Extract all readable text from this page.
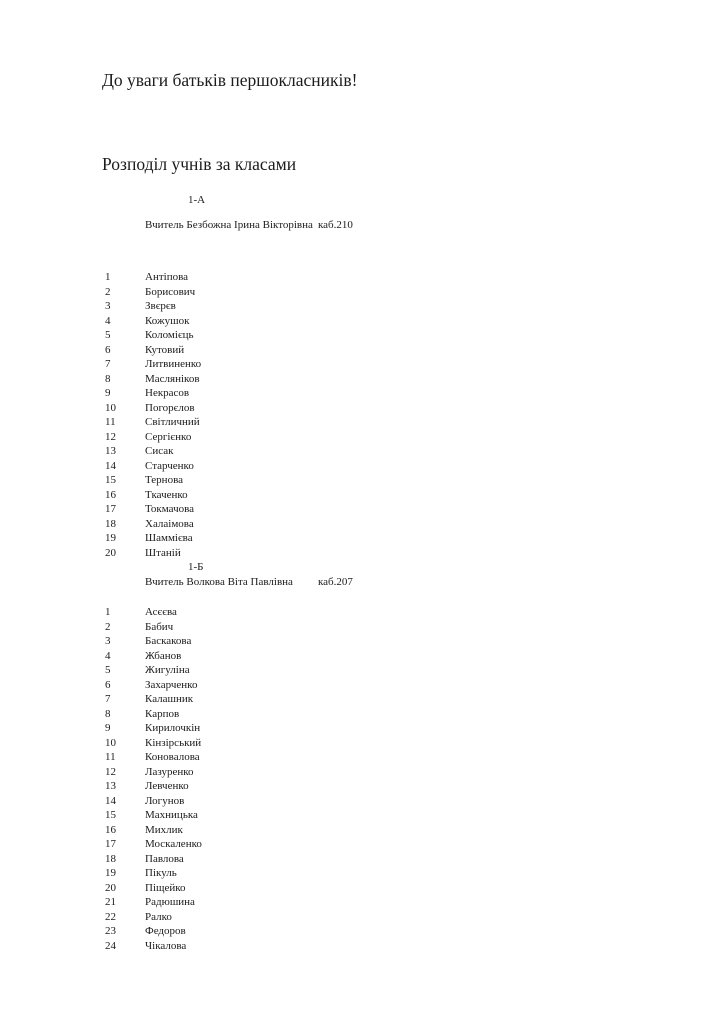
До уваги батьків першокласників!
Розподіл учнів за класами
1-А
Вчитель Безбожна Ірина Вікторівна каб.210
1	Антіпова
2	Борисович
3	Звєрєв
4	Кожушок
5	Коломієць
6	Кутовий
7	Литвиненко
8	Масляніков
9	Некрасов
10	Погорєлов
11	Світличний
12	Сергієнко
13	Сисак
14	Старченко
15	Тернова
16	Ткаченко
17	Токмачова
18	Халаімова
19	Шаммієва
20	Штаній
1-Б
Вчитель Волкова Віта Павлівна каб.207
1	Асєєва
2	Бабич
3	Баскакова
4	Жбанов
5	Жигуліна
6	Захарченко
7	Калашник
8	Карпов
9	Кирилочкін
10	Кінзірський
11	Коновалова
12	Лазуренко
13	Левченко
14	Логунов
15	Махницька
16	Михлик
17	Москаленко
18	Павлова
19	Пікуль
20	Піщейко
21	Радюшина
22	Ралко
23	Федоров
24	Чікалова
